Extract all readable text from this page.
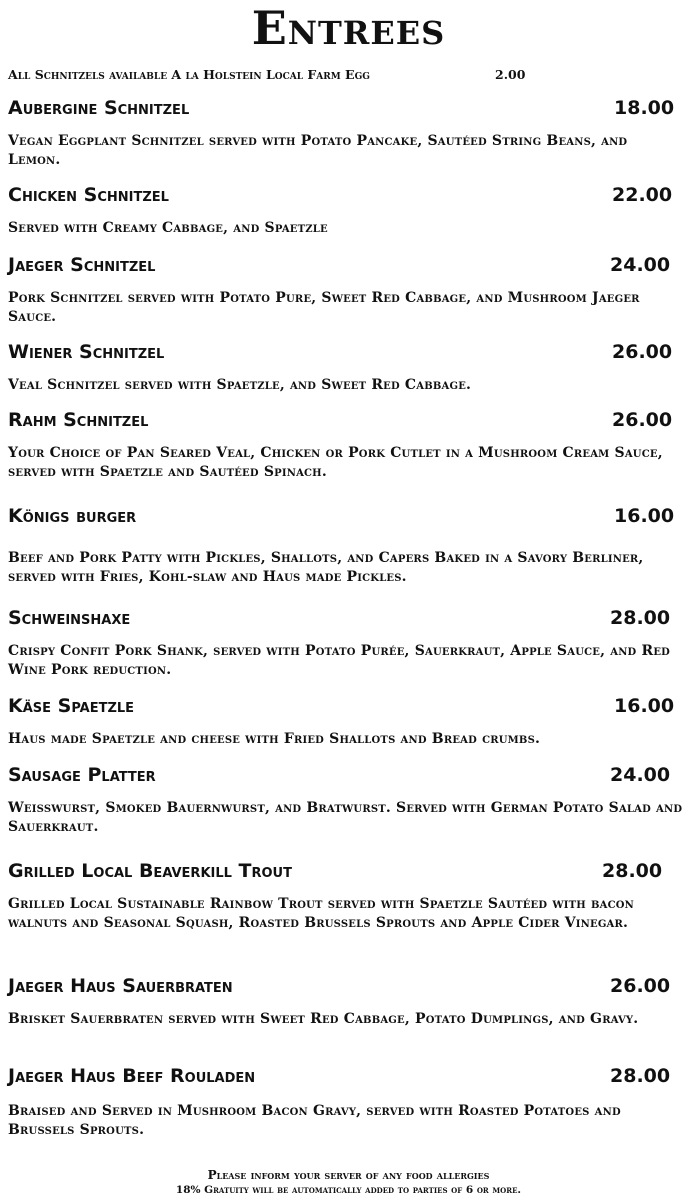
Entrees
All Schnitzels available A la Holstein Local Farm Egg	2.00
Aubergine Schnitzel	18.00
Vegan Eggplant Schnitzel served with Potato Pancake, Sautéed String Beans, and Lemon.
Chicken Schnitzel	22.00
Served with Creamy Cabbage, and Spaetzle
Jaeger Schnitzel	24.00
Pork Schnitzel served with Potato Pure, Sweet Red Cabbage, and Mushroom Jaeger Sauce.
Wiener Schnitzel	26.00
Veal Schnitzel served with Spaetzle, and Sweet Red Cabbage.
Rahm Schnitzel	26.00
Your Choice of Pan Seared Veal, Chicken or Pork Cutlet in a Mushroom Cream Sauce, served with Spaetzle and Sautéed Spinach.
Königs burger	16.00
Beef and Pork Patty with Pickles, Shallots, and Capers Baked in a Savory Berliner, served with Fries, Kohl-slaw and Haus made Pickles.
Schweinshaxe	28.00
Crispy Confit Pork Shank, served with Potato Purée, Sauerkraut, Apple Sauce, and Red Wine Pork reduction.
Käse Spaetzle	16.00
Haus made Spaetzle and cheese with Fried Shallots and Bread crumbs.
Sausage Platter	24.00
Weisswurst, Smoked Bauernwurst, and Bratwurst. Served with German Potato Salad and Sauerkraut.
Grilled Local Beaverkill Trout	28.00
Grilled Local Sustainable Rainbow Trout served with Spaetzle Sautéed with bacon walnuts and Seasonal Squash, Roasted Brussels Sprouts and Apple Cider Vinegar.
Jaeger Haus Sauerbraten	26.00
Brisket Sauerbraten served with Sweet Red Cabbage, Potato Dumplings, and Gravy.
Jaeger Haus Beef Rouladen	28.00
Braised and Served in Mushroom Bacon Gravy, served with Roasted Potatoes and Brussels Sprouts.
Please inform your server of any food allergies
18% Gratuity will be automatically added to parties of 6 or more.
